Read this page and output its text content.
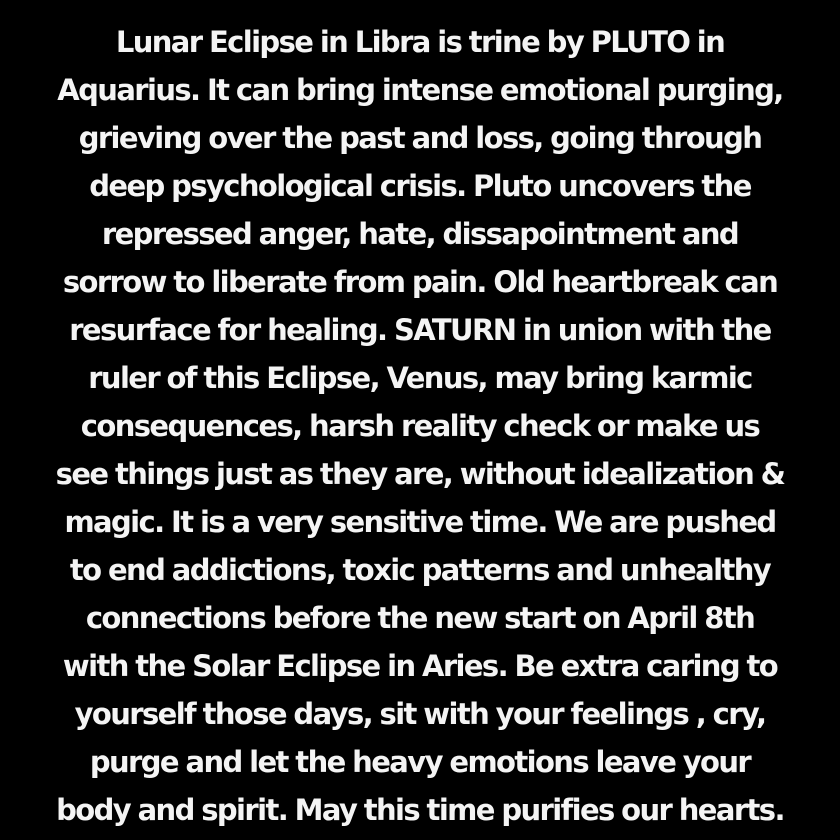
Lunar Eclipse in Libra is trine by PLUTO in
Aquarius. It can bring intense emotional purging,
grieving over the past and loss, going through
deep psychological crisis. Pluto uncovers the
repressed anger, hate, dissapointment and
sorrow to liberate from pain. Old heartbreak can
resurface for healing. SATURN in union with the
ruler of this Eclipse, Venus, may bring karmic
consequences, harsh reality check or make us
see things just as they are, without idealization &
magic. It is a very sensitive time. We are pushed
to end addictions, toxic patterns and unhealthy
connections before the new start on April 8th
with the Solar Eclipse in Aries. Be extra caring to
yourself those days, sit with your feelings , cry,
purge and let the heavy emotions leave your
body and spirit. May this time purifies our hearts.
